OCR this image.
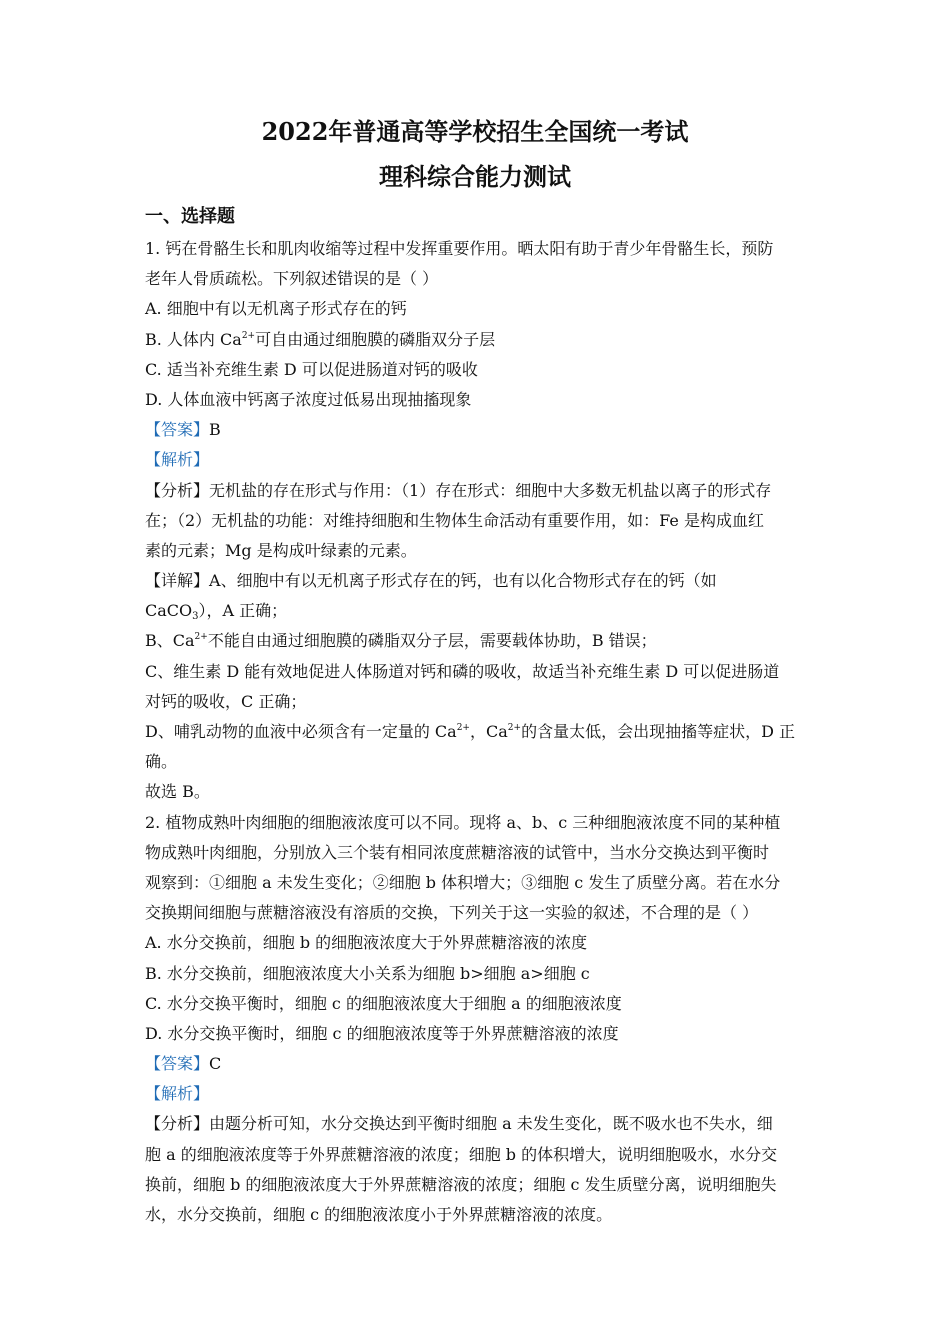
2022年普通高等学校招生全国统一考试
理科综合能力测试
一、选择题
1. 钙在骨骼生长和肌肉收缩等过程中发挥重要作用。晒太阳有助于青少年骨骼生长，预防
老年人骨质疏松。下列叙述错误的是（ ）
A. 细胞中有以无机离子形式存在的钙
B. 人体内 $Ca^{2+}$可自由通过细胞膜的磷脂双分子层
C. 适当补充维生素 D 可以促进肠道对钙的吸收
D. 人体血液中钙离子浓度过低易出现抽搐现象
【答案】B
【解析】
【分析】无机盐的存在形式与作用：（1）存在形式：细胞中大多数无机盐以离子的形式存
在；（2）无机盐的功能：对维持细胞和生物体生命活动有重要作用，如：Fe 是构成血红
素的元素；Mg 是构成叶绿素的元素。
【详解】A、细胞中有以无机离子形式存在的钙，也有以化合物形式存在的钙（如
CaCO$_3$），A 正确；
B、$Ca^{2+}$不能自由通过细胞膜的磷脂双分子层，需要载体协助，B 错误；
C、维生素 D 能有效地促进人体肠道对钙和磷的吸收，故适当补充维生素 D 可以促进肠道
对钙的吸收，C 正确；
D、哺乳动物的血液中必须含有一定量的 $Ca^{2+}$，$Ca^{2+}$的含量太低，会出现抽搐等症状，D 正
确。
故选 B。
2. 植物成熟叶肉细胞的细胞液浓度可以不同。现将 a、b、c 三种细胞液浓度不同的某种植
物成熟叶肉细胞，分别放入三个装有相同浓度蔗糖溶液的试管中，当水分交换达到平衡时
观察到：①细胞 a 未发生变化；②细胞 b 体积增大；③细胞 c 发生了质壁分离。若在水分
交换期间细胞与蔗糖溶液没有溶质的交换，下列关于这一实验的叙述，不合理的是（ ）
A. 水分交换前，细胞 b 的细胞液浓度大于外界蔗糖溶液的浓度
B. 水分交换前，细胞液浓度大小关系为细胞 b>细胞 a>细胞 c
C. 水分交换平衡时，细胞 c 的细胞液浓度大于细胞 a 的细胞液浓度
D. 水分交换平衡时，细胞 c 的细胞液浓度等于外界蔗糖溶液的浓度
【答案】C
【解析】
【分析】由题分析可知，水分交换达到平衡时细胞 a 未发生变化，既不吸水也不失水，细
胞 a 的细胞液浓度等于外界蔗糖溶液的浓度；细胞 b 的体积增大，说明细胞吸水，水分交
换前，细胞 b 的细胞液浓度大于外界蔗糖溶液的浓度；细胞 c 发生质壁分离，说明细胞失
水，水分交换前，细胞 c 的细胞液浓度小于外界蔗糖溶液的浓度。
